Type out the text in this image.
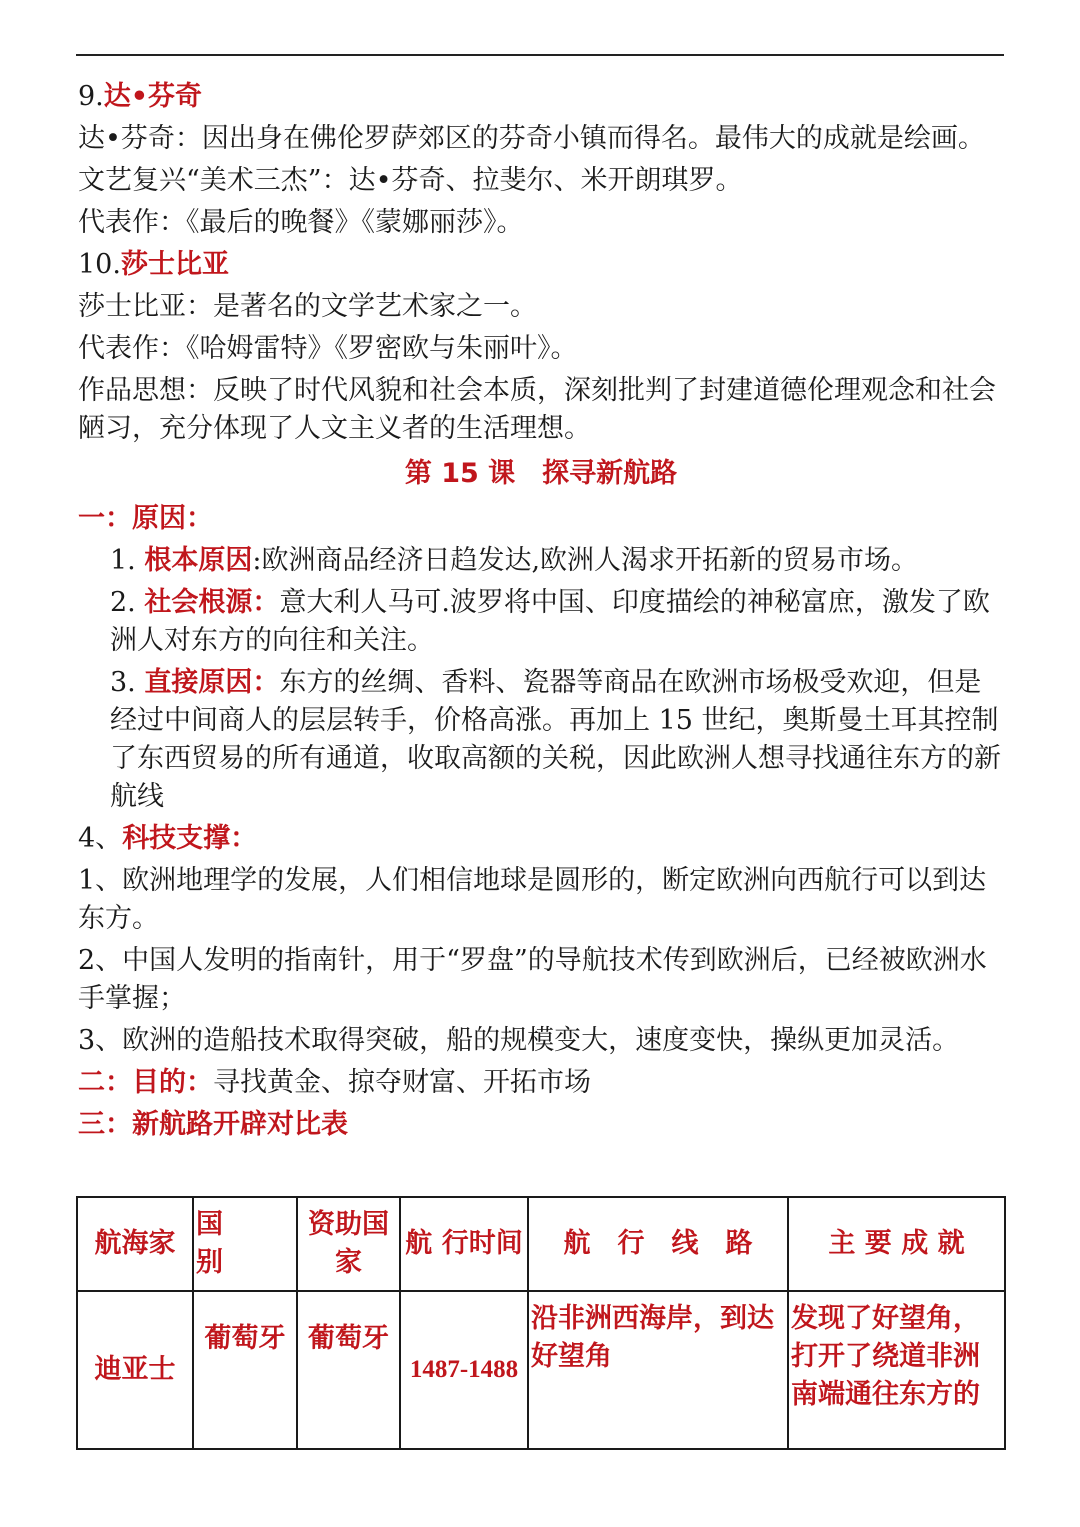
9.达•芬奇

达•芬奇：因出身在佛伦罗萨郊区的芬奇小镇而得名。最伟大的成就是绘画。

文艺复兴“美术三杰”：达•芬奇、拉斐尔、米开朗琪罗。

代表作：《最后的晚餐》《蒙娜丽莎》。

10.莎士比亚

莎士比亚：是著名的文学艺术家之一。

代表作：《哈姆雷特》《罗密欧与朱丽叶》。

作品思想：反映了时代风貌和社会本质，深刻批判了封建道德伦理观念和社会陋习，充分体现了人文主义者的生活理想。

第 15 课　探寻新航路

一：原因：

1. 根本原因:欧洲商品经济日趋发达,欧洲人渴求开拓新的贸易市场。

2. 社会根源：意大利人马可.波罗将中国、印度描绘的神秘富庶，激发了欧洲人对东方的向往和关注。

3. 直接原因：东方的丝绸、香料、瓷器等商品在欧洲市场极受欢迎，但是经过中间商人的层层转手，价格高涨。再加上 15 世纪，奥斯曼土耳其控制了东西贸易的所有通道，收取高额的关税，因此欧洲人想寻找通往东方的新航线

4、科技支撑：

1、欧洲地理学的发展，人们相信地球是圆形的，断定欧洲向西航行可以到达东方。

2、中国人发明的指南针，用于“罗盘”的导航技术传到欧洲后，已经被欧洲水手掌握；

3、欧洲的造船技术取得突破，船的规模变大，速度变快，操纵更加灵活。

二：目的：寻找黄金、掠夺财富、开拓市场

三：新航路开辟对比表

航海家	国　　别	资助国家	航 行时间	航　行　线　路	主 要 成 就
迪亚士	葡萄牙	葡萄牙	1487-1488	沿非洲西海岸，到达好望角	发现了好望角，打开了绕道非洲南端通往东方的
